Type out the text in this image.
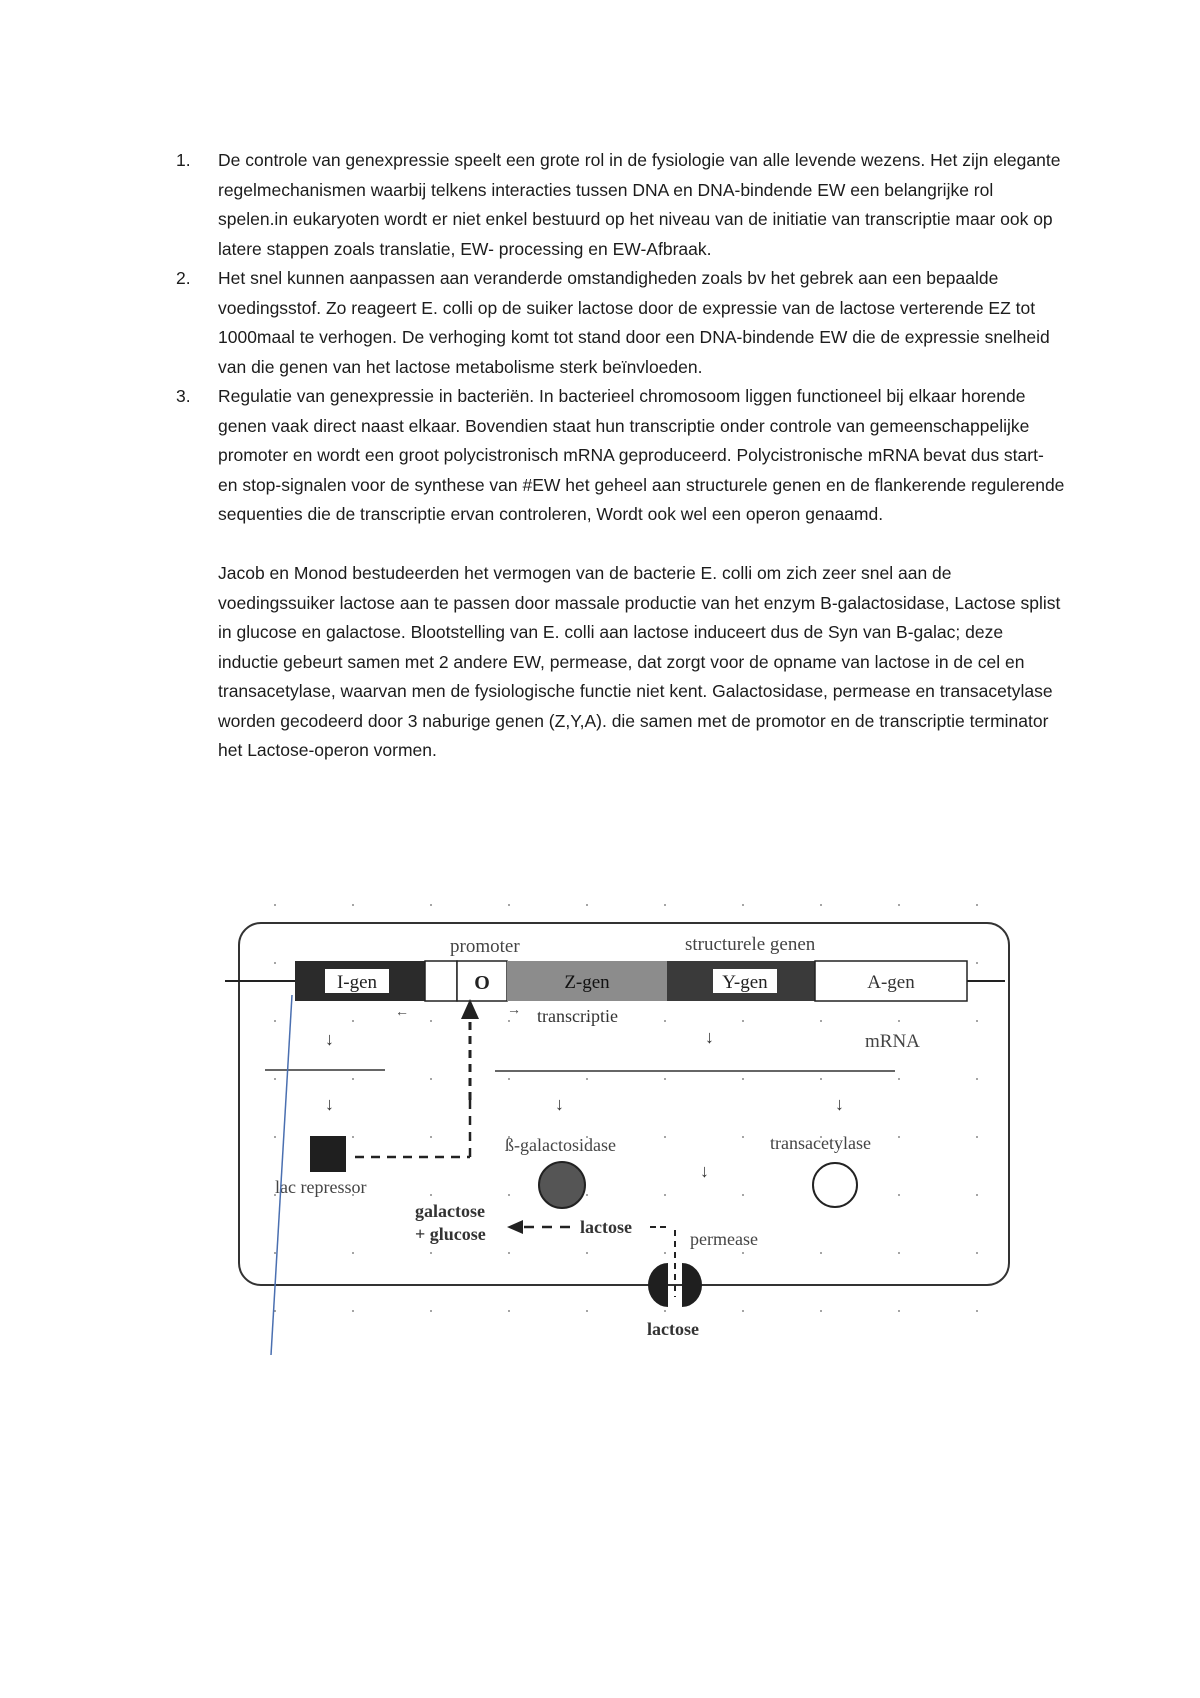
1. De controle van genexpressie speelt een grote rol in de fysiologie van alle levende wezens. Het zijn elegante regelmechanismen waarbij telkens interacties tussen DNA en DNA-bindende EW een belangrijke rol spelen.in eukaryoten wordt er niet enkel bestuurd op het niveau van de initiatie van transcriptie maar ook op latere stappen zoals translatie, EW- processing en EW-Afbraak.
2. Het snel kunnen aanpassen aan veranderde omstandigheden zoals bv het gebrek aan een bepaalde voedingsstof. Zo reageert E. colli op de suiker lactose door de expressie van de lactose verterende EZ tot 1000maal te verhogen. De verhoging komt tot stand door een DNA-bindende EW die de expressie snelheid van die genen van het lactose metabolisme sterk beïnvloeden.
3. Regulatie van genexpressie in bacteriën. In bacterieel chromosoom liggen functioneel bij elkaar horende genen vaak direct naast elkaar. Bovendien staat hun transcriptie onder controle van gemeenschappelijke promoter en wordt een groot polycistronisch mRNA geproduceerd. Polycistronische mRNA bevat dus start- en stop-signalen voor de synthese van #EW het geheel aan structurele genen en de flankerende regulerende sequenties die de transcriptie ervan controleren, Wordt ook wel een operon genaamd.

Jacob en Monod bestudeerden het vermogen van de bacterie E. colli om zich zeer snel aan de voedingssuiker lactose aan te passen door massale productie van het enzym B-galactosidase, Lactose splist in glucose en galactose. Blootstelling van E. colli aan lactose induceert dus de Syn van B-galac; deze inductie gebeurt samen met 2 andere EW, permease, dat zorgt voor de opname van lactose in de cel en transacetylase, waarvan men de fysiologische functie niet kent. Galactosidase, permease en transacetylase worden gecodeerd door 3 naburige genen (Z,Y,A). die samen met de promotor en de transcriptie terminator het Lactose-operon vormen.

promoter	structurele genen
I-gen	O	Z-gen	Y-gen	A-gen
←	→ transcriptie
↓	↓	mRNA
↓	↓	↓
lac repressor
ß-galactosidase	transacetylase
↓
galactose
+ glucose	lactose
permease
lactose
